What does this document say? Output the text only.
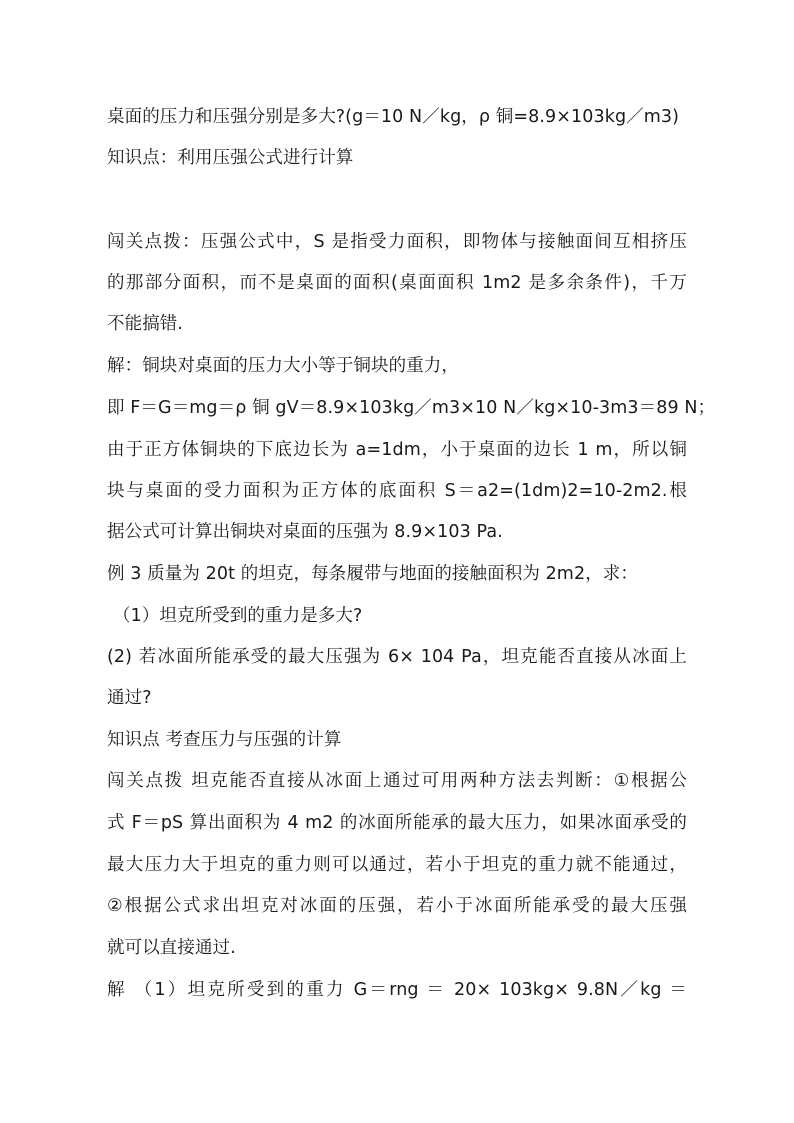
桌面的压力和压强分别是多大?(g＝10 N／kg，ρ 铜=8.9×103kg／m3)
知识点：利用压强公式进行计算
闯关点拨：压强公式中，S 是指受力面积，即物体与接触面间互相挤压
的那部分面积，而不是桌面的面积(桌面面积 1m2 是多余条件)，千万
不能搞错.
解：铜块对桌面的压力大小等于铜块的重力，
即 F＝G＝mg＝ρ 铜 gV＝8.9×103kg／m3×10 N／kg×10-3m3＝89 N；
由于正方体铜块的下底边长为 a=1dm，小于桌面的边长 1 m，所以铜
块与桌面的受力面积为正方体的底面积 S＝a2=(1dm)2=10-2m2.根
据公式可计算出铜块对桌面的压强为 8.9×103 Pa.
例 3 质量为 20t 的坦克，每条履带与地面的接触面积为 2m2，求：
（1）坦克所受到的重力是多大?
(2) 若冰面所能承受的最大压强为 6× 104 Pa，坦克能否直接从冰面上
通过?
知识点 考查压力与压强的计算
闯关点拨 坦克能否直接从冰面上通过可用两种方法去判断：①根据公
式 F＝pS 算出面积为 4 m2 的冰面所能承的最大压力，如果冰面承受的
最大压力大于坦克的重力则可以通过，若小于坦克的重力就不能通过，
②根据公式求出坦克对冰面的压强，若小于冰面所能承受的最大压强
就可以直接通过.
解 （1）坦克所受到的重力 G＝rng ＝ 20× 103kg× 9.8N／kg ＝
